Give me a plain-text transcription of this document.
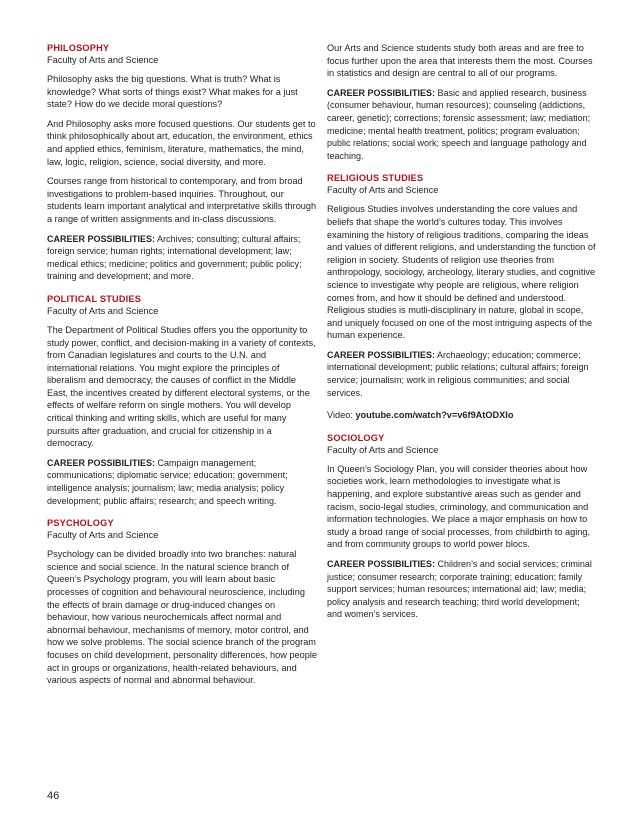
PHILOSOPHY
Faculty of Arts and Science

Philosophy asks the big questions. What is truth? What is knowledge? What sorts of things exist? What makes for a just state? How do we decide moral questions?

And Philosophy asks more focused questions. Our students get to think philosophically about art, education, the environment, ethics and applied ethics, feminism, literature, mathematics, the mind, law, logic, religion, science, social diversity, and more.

Courses range from historical to contemporary, and from broad investigations to problem-based inquiries. Throughout, our students learn important analytical and interpretative skills through a range of written assignments and in-class discussions.

CAREER POSSIBILITIES: Archives; consulting; cultural affairs; foreign service; human rights; international development; law; medical ethics; medicine; politics and government; public policy; training and development; and more.

POLITICAL STUDIES
Faculty of Arts and Science

The Department of Political Studies offers you the opportunity to study power, conflict, and decision-making in a variety of contexts, from Canadian legislatures and courts to the U.N. and international relations. You might explore the principles of liberalism and democracy, the causes of conflict in the Middle East, the incentives created by different electoral systems, or the effects of welfare reform on single mothers. You will develop critical thinking and writing skills, which are useful for many pursuits after graduation, and crucial for citizenship in a democracy.

CAREER POSSIBILITIES: Campaign management; communications; diplomatic service; education; government; intelligence analysis; journalism; law; media analysis; policy development; public affairs; research; and speech writing.

PSYCHOLOGY
Faculty of Arts and Science

Psychology can be divided broadly into two branches: natural science and social science. In the natural science branch of Queen’s Psychology program, you will learn about basic processes of cognition and behavioural neuroscience, including the effects of brain damage or drug-induced changes on behaviour, how various neurochemicals affect normal and abnormal behaviour, mechanisms of memory, motor control, and how we solve problems. The social science branch of the program focuses on child development, personality differences, how people act in groups or organizations, health-related behaviours, and various aspects of normal and abnormal behaviour.

Our Arts and Science students study both areas and are free to focus further upon the area that interests them the most. Courses in statistics and design are central to all of our programs.

CAREER POSSIBILITIES: Basic and applied research, business (consumer behaviour, human resources); counseling (addictions, career, genetic); corrections; forensic assessment; law; mediation; medicine; mental health treatment, politics; program evaluation; public relations; social work; speech and language pathology and teaching.

RELIGIOUS STUDIES
Faculty of Arts and Science

Religious Studies involves understanding the core values and beliefs that shape the world’s cultures today. This involves examining the history of religious traditions, comparing the ideas and values of different religions, and understanding the function of religion in society. Students of religion use theories from anthropology, sociology, archeology, literary studies, and cognitive science to investigate why people are religious, where religion comes from, and how it should be defined and understood. Religious studies is mutli-disciplinary in nature, global in scope, and uniquely focused on one of the most intriguing aspects of the human experience.

CAREER POSSIBILITIES: Archaeology; education; commerce; international development; public relations; cultural affairs; foreign service; journalism; work in religious communities; and social services.

Video: youtube.com/watch?v=v6f9AtODXIo

SOCIOLOGY
Faculty of Arts and Science

In Queen’s Sociology Plan, you will consider theories about how societies work, learn methodologies to investigate what is happening, and explore substantive areas such as gender and racism, socio-legal studies, criminology, and communication and information technologies. We place a major emphasis on how to study a broad range of social processes, from childbirth to aging, and from community groups to world power blocs.

CAREER POSSIBILITIES: Children’s and social services; criminal justice; consumer research; corporate training; education; family support services; human resources; international aid; law; media; policy analysis and research teaching; third world development; and women’s services.

46
